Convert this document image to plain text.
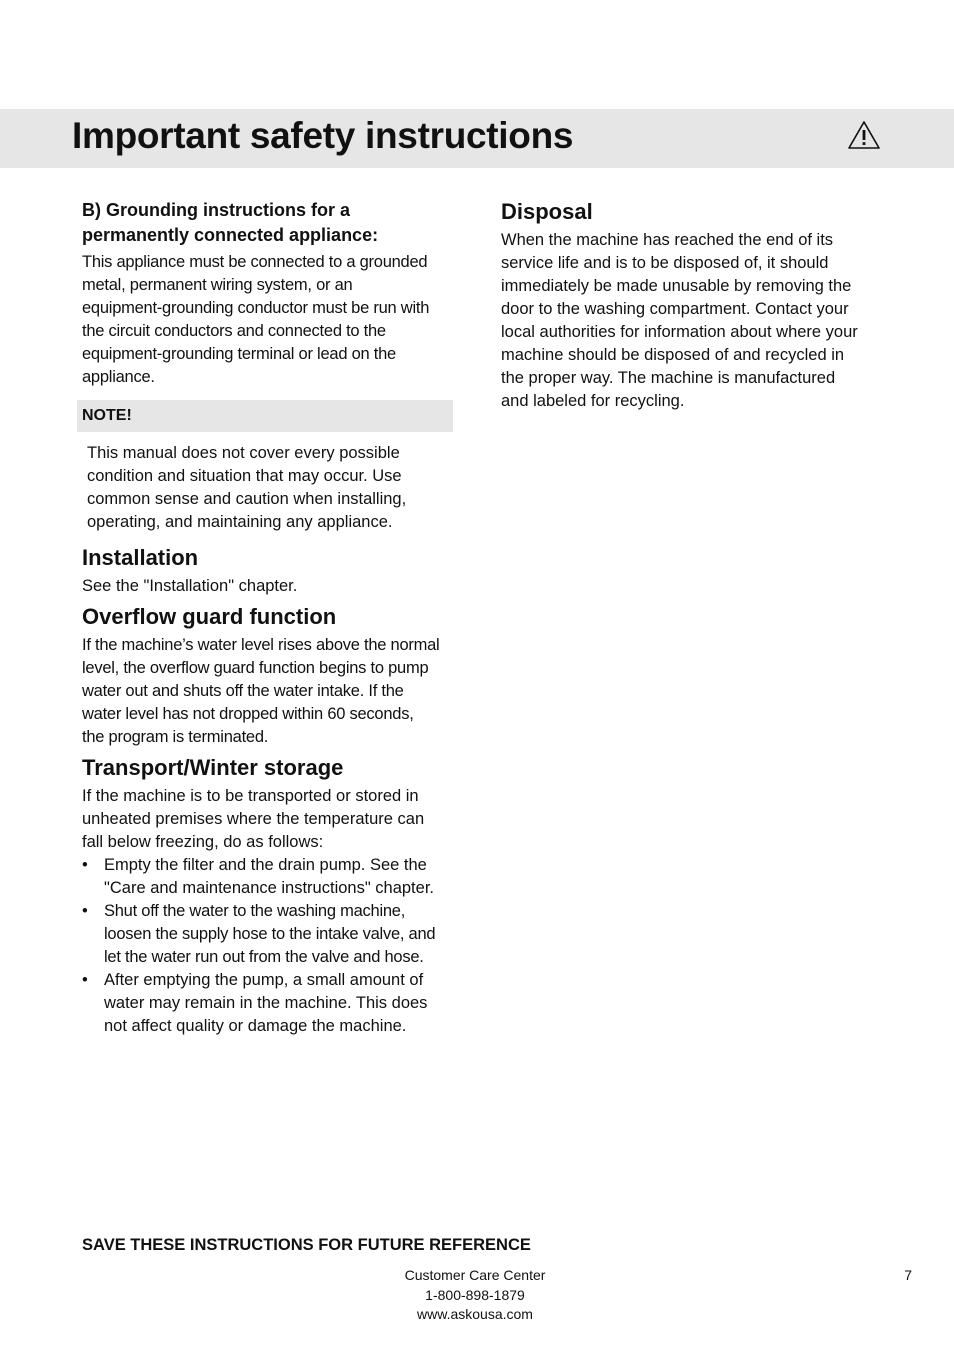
Important safety instructions

B) Grounding instructions for a
permanently connected appliance:

This appliance must be connected to a grounded
metal, permanent wiring system, or an
equipment-grounding conductor must be run with
the circuit conductors and connected to the
equipment-grounding terminal or lead on the
appliance.

NOTE!

This manual does not cover every possible
condition and situation that may occur. Use
common sense and caution when installing,
operating, and maintaining any appliance.

Installation

See the "Installation" chapter.

Overflow guard function

If the machine’s water level rises above the normal
level, the overflow guard function begins to pump
water out and shuts off the water intake. If the
water level has not dropped within 60 seconds,
the program is terminated.

Transport/Winter storage

If the machine is to be transported or stored in
unheated premises where the temperature can
fall below freezing, do as follows:

• Empty the filter and the drain pump. See the
"Care and maintenance instructions" chapter.
• Shut off the water to the washing machine,
loosen the supply hose to the intake valve, and
let the water run out from the valve and hose.
• After emptying the pump, a small amount of
water may remain in the machine. This does
not affect quality or damage the machine.
Disposal

When the machine has reached the end of its
service life and is to be disposed of, it should
immediately be made unusable by removing the
door to the washing compartment. Contact your
local authorities for information about where your
machine should be disposed of and recycled in
the proper way. The machine is manufactured
and labeled for recycling.

SAVE THESE INSTRUCTIONS FOR FUTURE REFERENCE

Customer Care Center
1-800-898-1879
www.askousa.com
7
